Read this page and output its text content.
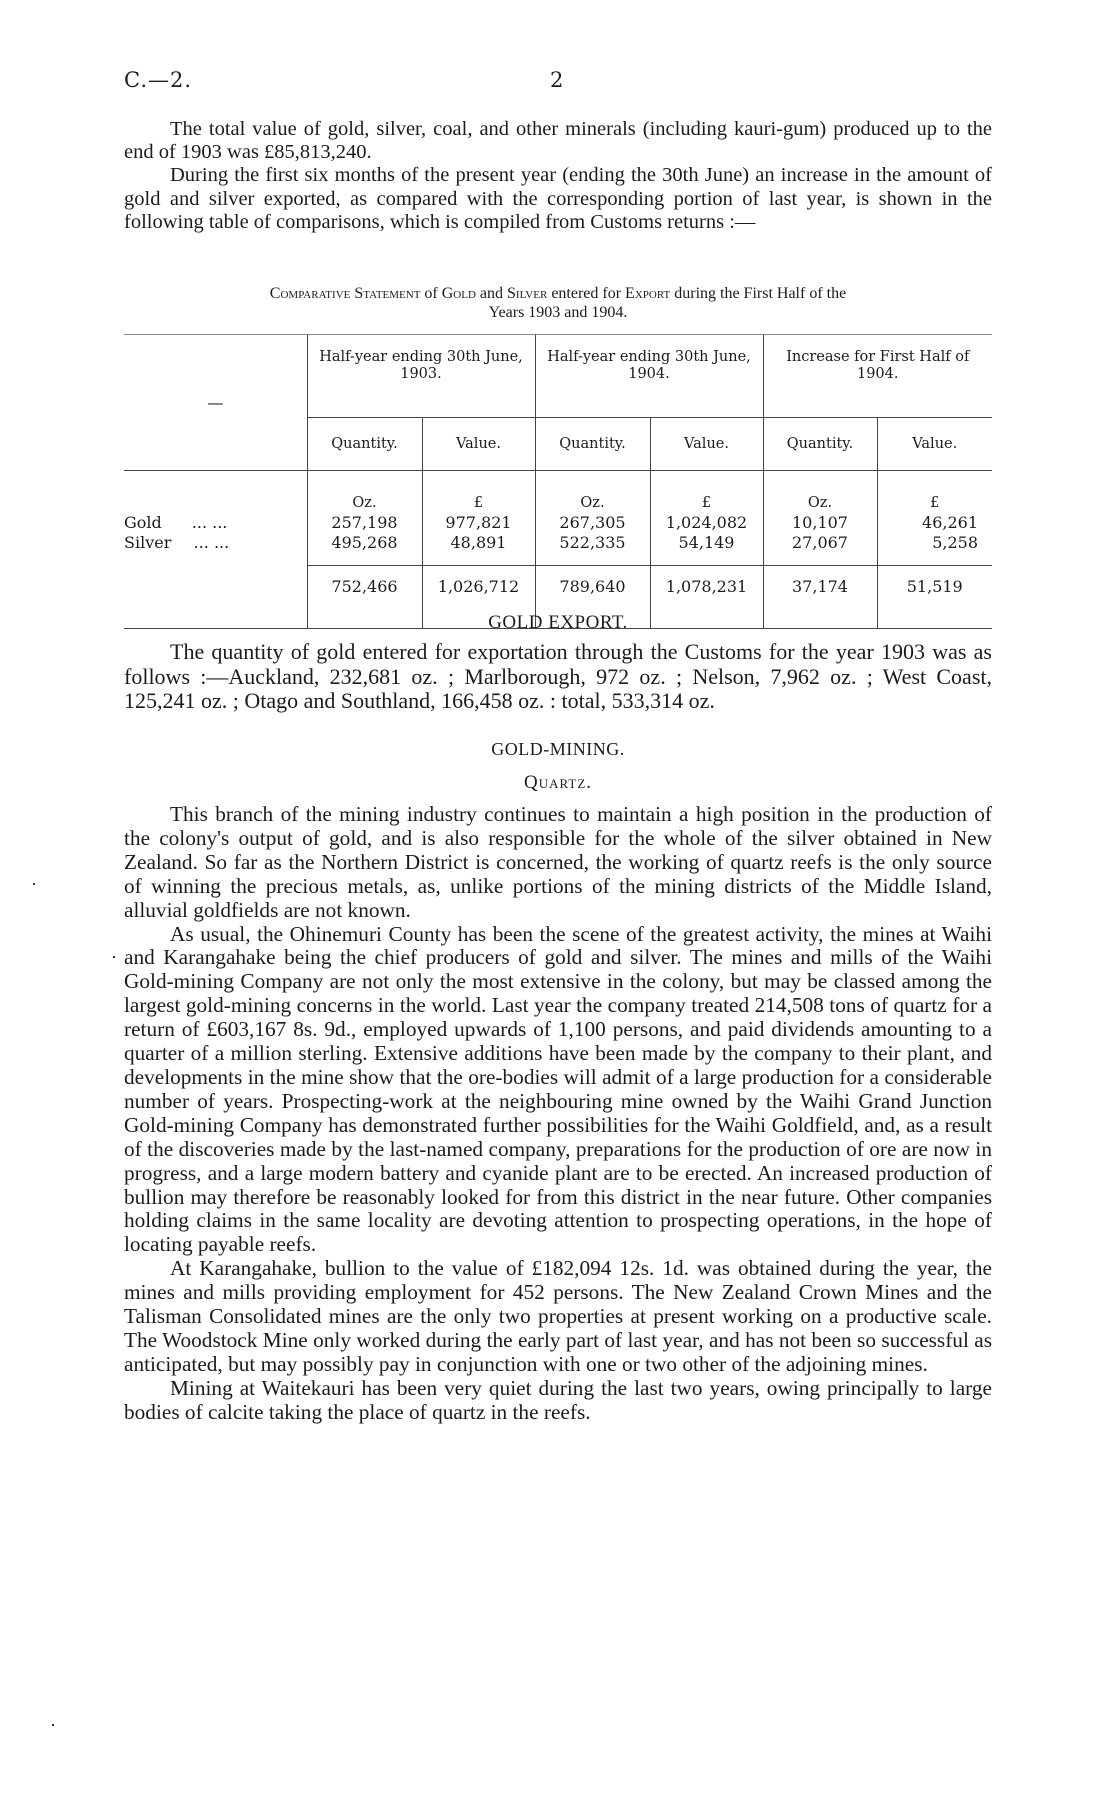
C.—2.	2

The total value of gold, silver, coal, and other minerals (including kauri-gum) produced up to the end of 1903 was £85,813,240.

During the first six months of the present year (ending the 30th June) an increase in the amount of gold and silver exported, as compared with the corresponding portion of last year, is shown in the following table of comparisons, which is compiled from Customs returns :—

Comparative Statement of Gold and Silver entered for Export during the First Half of the
Years 1903 and 1904.
—	Half-year ending 30th June, 1903.		Half-year ending 30th June, 1904.		Increase for First Half of 1904.	
	Quantity.	Value.	Quantity.	Value.	Quantity.	Value.
	Oz.	£	Oz.	£	Oz.	£
Gold ... ...	257,198	977,821	267,305	1,024,082	10,107	46,261
Silver ... ...	495,268	48,891	522,335	54,149	27,067	5,258

	752,466	1,026,712	789,640	1,078,231	37,174	51,519

GOLD EXPORT.

The quantity of gold entered for exportation through the Customs for the year 1903 was as follows :—Auckland, 232,681 oz. ; Marlborough, 972 oz. ; Nelson, 7,962 oz. ; West Coast, 125,241 oz. ; Otago and Southland, 166,458 oz. : total, 533,314 oz.

GOLD-MINING.
Quartz.

This branch of the mining industry continues to maintain a high position in the production of the colony's output of gold, and is also responsible for the whole of the silver obtained in New Zealand. So far as the Northern District is concerned, the working of quartz reefs is the only source of winning the precious metals, as, unlike portions of the mining districts of the Middle Island, alluvial goldfields are not known.

As usual, the Ohinemuri County has been the scene of the greatest activity, the mines at Waihi and Karangahake being the chief producers of gold and silver. The mines and mills of the Waihi Gold-mining Company are not only the most extensive in the colony, but may be classed among the largest gold-mining concerns in the world. Last year the company treated 214,508 tons of quartz for a return of £603,167 8s. 9d., employed upwards of 1,100 persons, and paid dividends amounting to a quarter of a million sterling. Extensive additions have been made by the company to their plant, and developments in the mine show that the ore-bodies will admit of a large production for a considerable number of years. Prospecting-work at the neighbouring mine owned by the Waihi Grand Junction Gold-mining Company has demonstrated further possibilities for the Waihi Goldfield, and, as a result of the discoveries made by the last-named company, preparations for the production of ore are now in progress, and a large modern battery and cyanide plant are to be erected. An increased production of bullion may therefore be reasonably looked for from this district in the near future. Other companies holding claims in the same locality are devoting attention to prospecting operations, in the hope of locating payable reefs.

At Karangahake, bullion to the value of £182,094 12s. 1d. was obtained during the year, the mines and mills providing employment for 452 persons. The New Zealand Crown Mines and the Talisman Consolidated mines are the only two properties at present working on a productive scale. The Woodstock Mine only worked during the early part of last year, and has not been so successful as anticipated, but may possibly pay in conjunction with one or two other of the adjoining mines.

Mining at Waitekauri has been very quiet during the last two years, owing principally to large bodies of calcite taking the place of quartz in the reefs.
